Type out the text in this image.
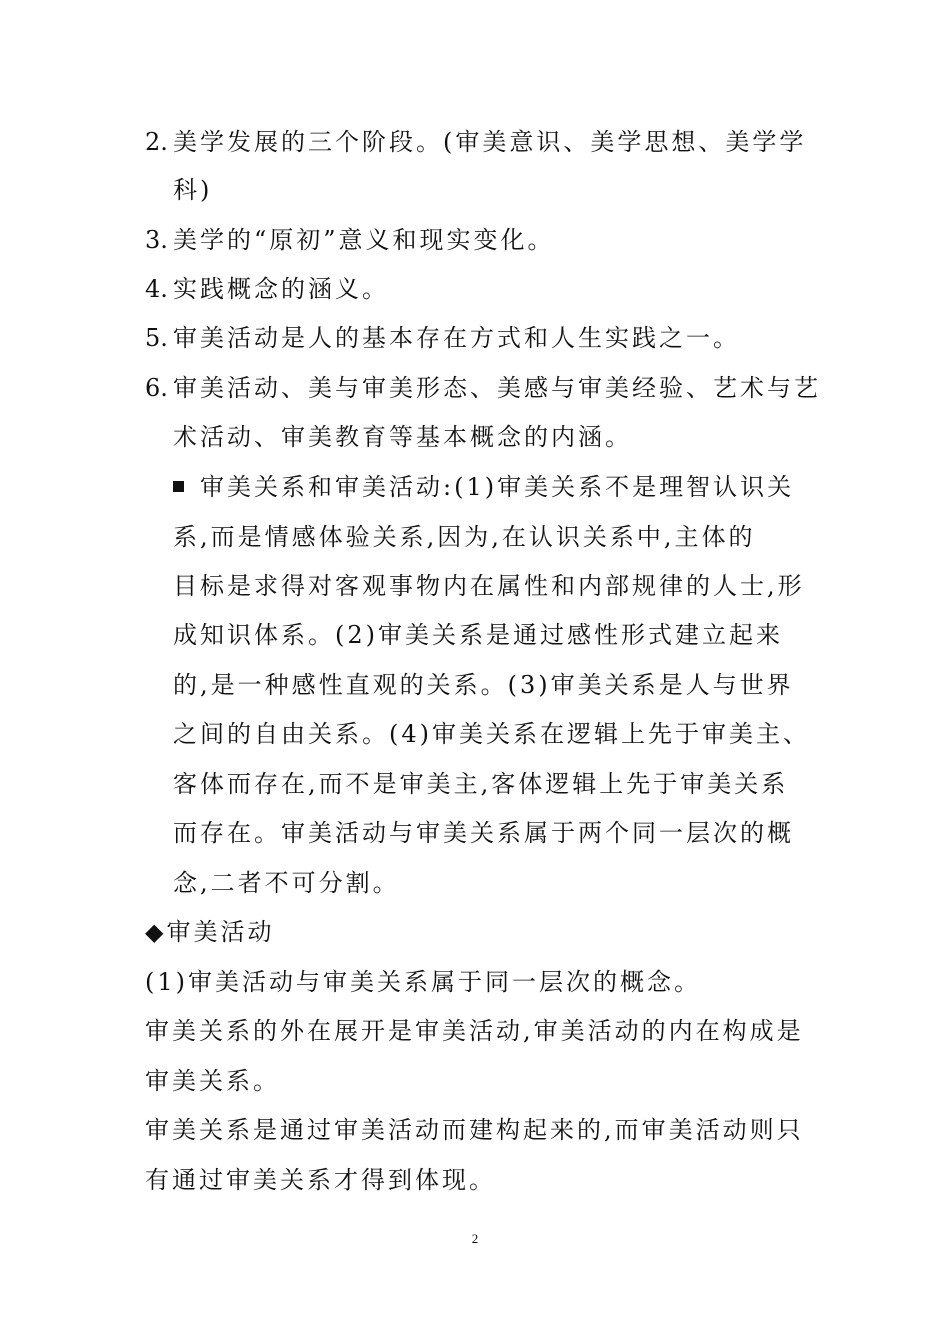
2. 美学发展的三个阶段。(审美意识、美学思想、美学学
科)
3. 美学的“原初”意义和现实变化。
4. 实践概念的涵义。
5. 审美活动是人的基本存在方式和人生实践之一。
6. 审美活动、美与审美形态、美感与审美经验、艺术与艺
术活动、审美教育等基本概念的内涵。
审美关系和审美活动:(1)审美关系不是理智认识关
系,而是情感体验关系,因为,在认识关系中,主体的
目标是求得对客观事物内在属性和内部规律的人士,形
成知识体系。(2)审美关系是通过感性形式建立起来
的,是一种感性直观的关系。(3)审美关系是人与世界
之间的自由关系。(4)审美关系在逻辑上先于审美主、
客体而存在,而不是审美主,客体逻辑上先于审美关系
而存在。审美活动与审美关系属于两个同一层次的概
念,二者不可分割。
◆审美活动
(1)审美活动与审美关系属于同一层次的概念。
审美关系的外在展开是审美活动,审美活动的内在构成是
审美关系。
审美关系是通过审美活动而建构起来的,而审美活动则只
有通过审美关系才得到体现。
2
